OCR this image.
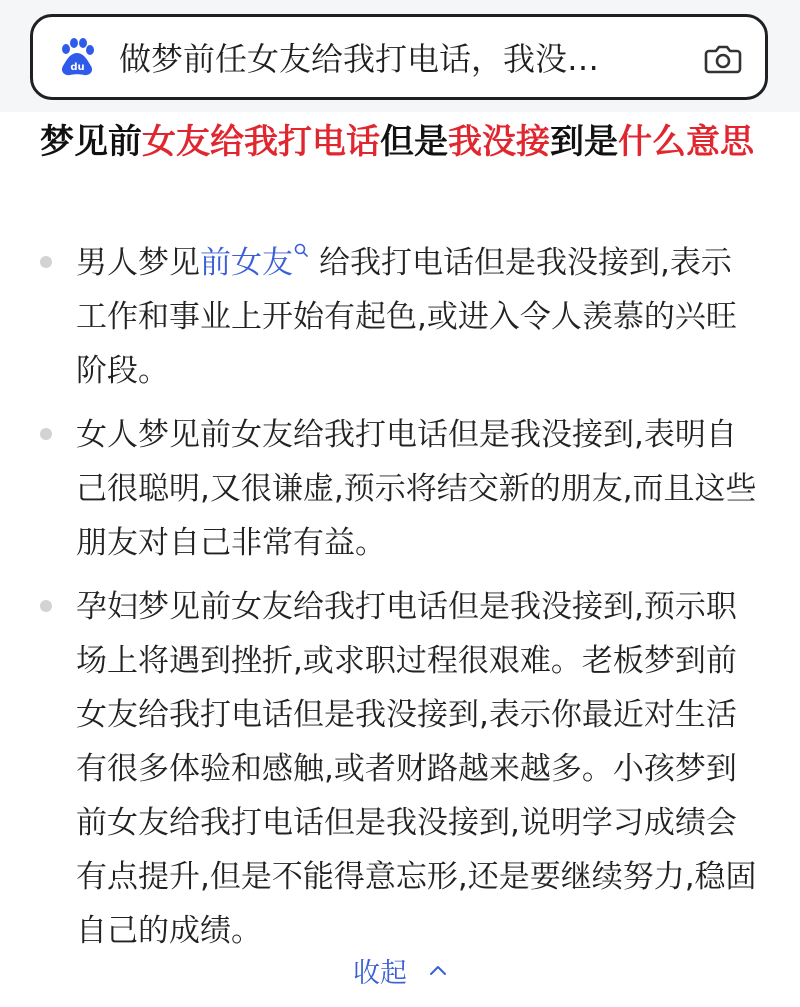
du 做梦前任女友给我打电话，我没…
梦见前女友给我打电话但是我没接到是什么意思
男人梦见前女友 给我打电话但是我没接到,表示工作和事业上开始有起色,或进入令人羡慕的兴旺阶段。
女人梦见前女友给我打电话但是我没接到,表明自己很聪明,又很谦虚,预示将结交新的朋友,而且这些朋友对自己非常有益。
孕妇梦见前女友给我打电话但是我没接到,预示职场上将遇到挫折,或求职过程很艰难。老板梦到前女友给我打电话但是我没接到,表示你最近对生活有很多体验和感触,或者财路越来越多。小孩梦到前女友给我打电话但是我没接到,说明学习成绩会有点提升,但是不能得意忘形,还是要继续努力,稳固自己的成绩。
收起
